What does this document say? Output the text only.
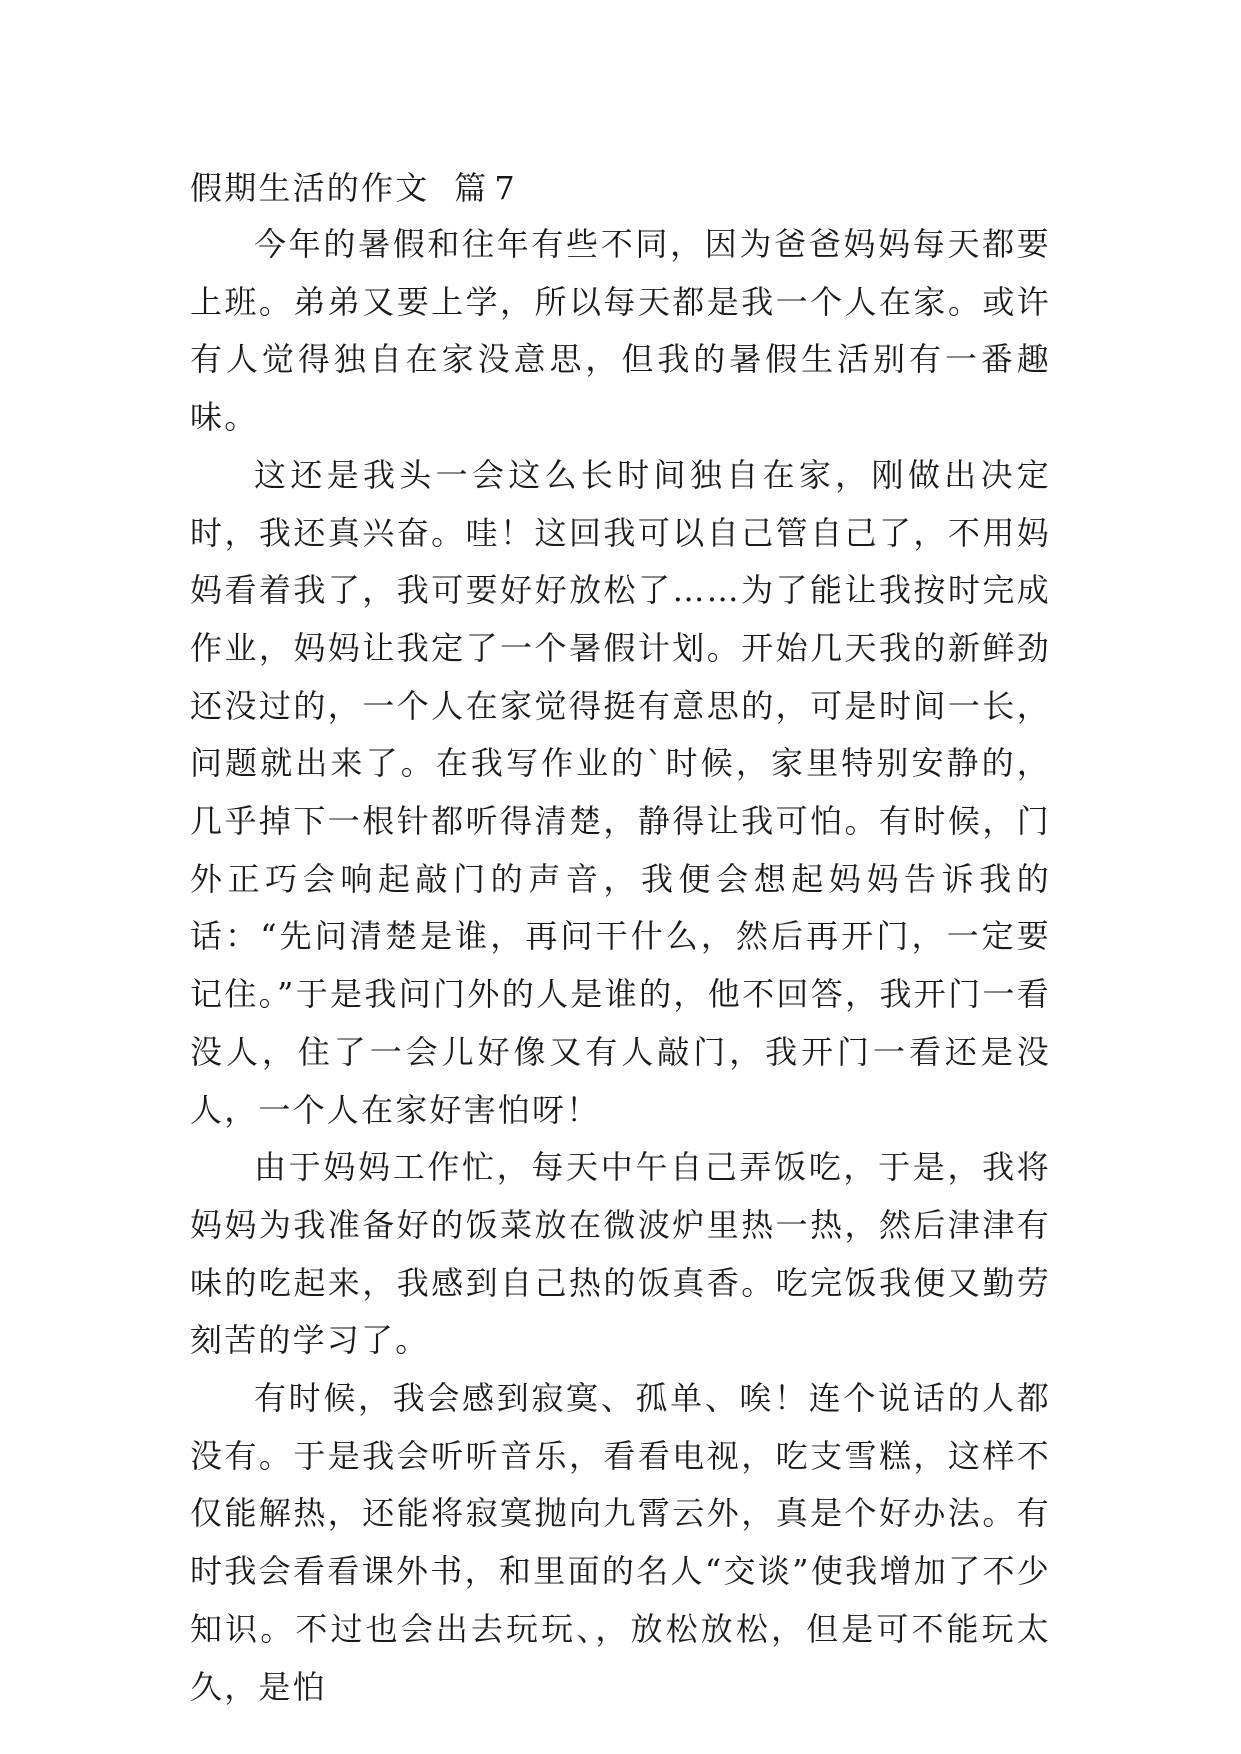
假期生活的作文 篇 7

今年的暑假和往年有些不同，因为爸爸妈妈每天都要上班。弟弟又要上学，所以每天都是我一个人在家。或许有人觉得独自在家没意思，但我的暑假生活别有一番趣味。

这还是我头一会这么长时间独自在家，刚做出决定时，我还真兴奋。哇！这回我可以自己管自己了，不用妈妈看着我了，我可要好好放松了……为了能让我按时完成作业，妈妈让我定了一个暑假计划。开始几天我的新鲜劲还没过的，一个人在家觉得挺有意思的，可是时间一长，问题就出来了。在我写作业的`时候，家里特别安静的，几乎掉下一根针都听得清楚，静得让我可怕。有时候，门外正巧会响起敲门的声音，我便会想起妈妈告诉我的话：“先问清楚是谁，再问干什么，然后再开门，一定要记住。”于是我问门外的人是谁的，他不回答，我开门一看没人，住了一会儿好像又有人敲门，我开门一看还是没人，一个人在家好害怕呀！

由于妈妈工作忙，每天中午自己弄饭吃，于是，我将妈妈为我准备好的饭菜放在微波炉里热一热，然后津津有味的吃起来，我感到自己热的饭真香。吃完饭我便又勤劳刻苦的学习了。

有时候，我会感到寂寞、孤单、唉！连个说话的人都没有。于是我会听听音乐，看看电视，吃支雪糕，这样不仅能解热，还能将寂寞抛向九霄云外，真是个好办法。有时我会看看课外书，和里面的名人“交谈”使我增加了不少知识。不过也会出去玩玩、，放松放松，但是可不能玩太久，是怕
